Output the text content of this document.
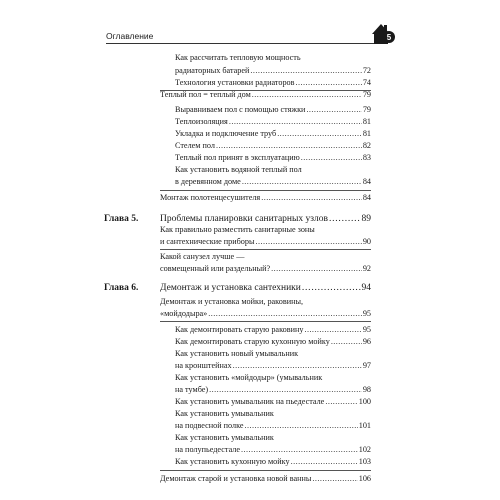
Оглавление	5
Как рассчитать тепловую мощность
радиаторных батарей . . .	72
Технология установки радиаторов . . .	74
Теплый пол = теплый дом . . .	79
Выравниваем пол с помощью стяжки . . .	79
Теплоизоляция . . .	81
Укладка и подключение труб . . .	81
Стелем пол . . .	82
Теплый пол принят в эксплуатацию . . .	83
Как установить водяной теплый пол
в деревянном доме . . .	84
Монтаж полотенцесушителя . . .	84
Глава 5. Проблемы планировки санитарных узлов . . .	89
Как правильно разместить санитарные зоны
и сантехнические приборы . . .	90
Какой санузел лучше —
совмещенный или раздельный? . . .	92
Глава 6. Демонтаж и установка сантехники . . .	94
Демонтаж и установка мойки, раковины,
«мойдодыра» . . .	95
Как демонтировать старую раковину . . .	95
Как демонтировать старую кухонную мойку . . .	96
Как установить новый умывальник
на кронштейнах . . .	97
Как установить «мойдодыр» (умывальник
на тумбе) . . .	98
Как установить умывальник на пьедестале . . .	100
Как установить умывальник
на подвесной полке . . .	101
Как установить умывальник
на полупьедестале . . .	102
Как установить кухонную мойку . . .	103
Демонтаж старой и установка новой ванны . . .	106
